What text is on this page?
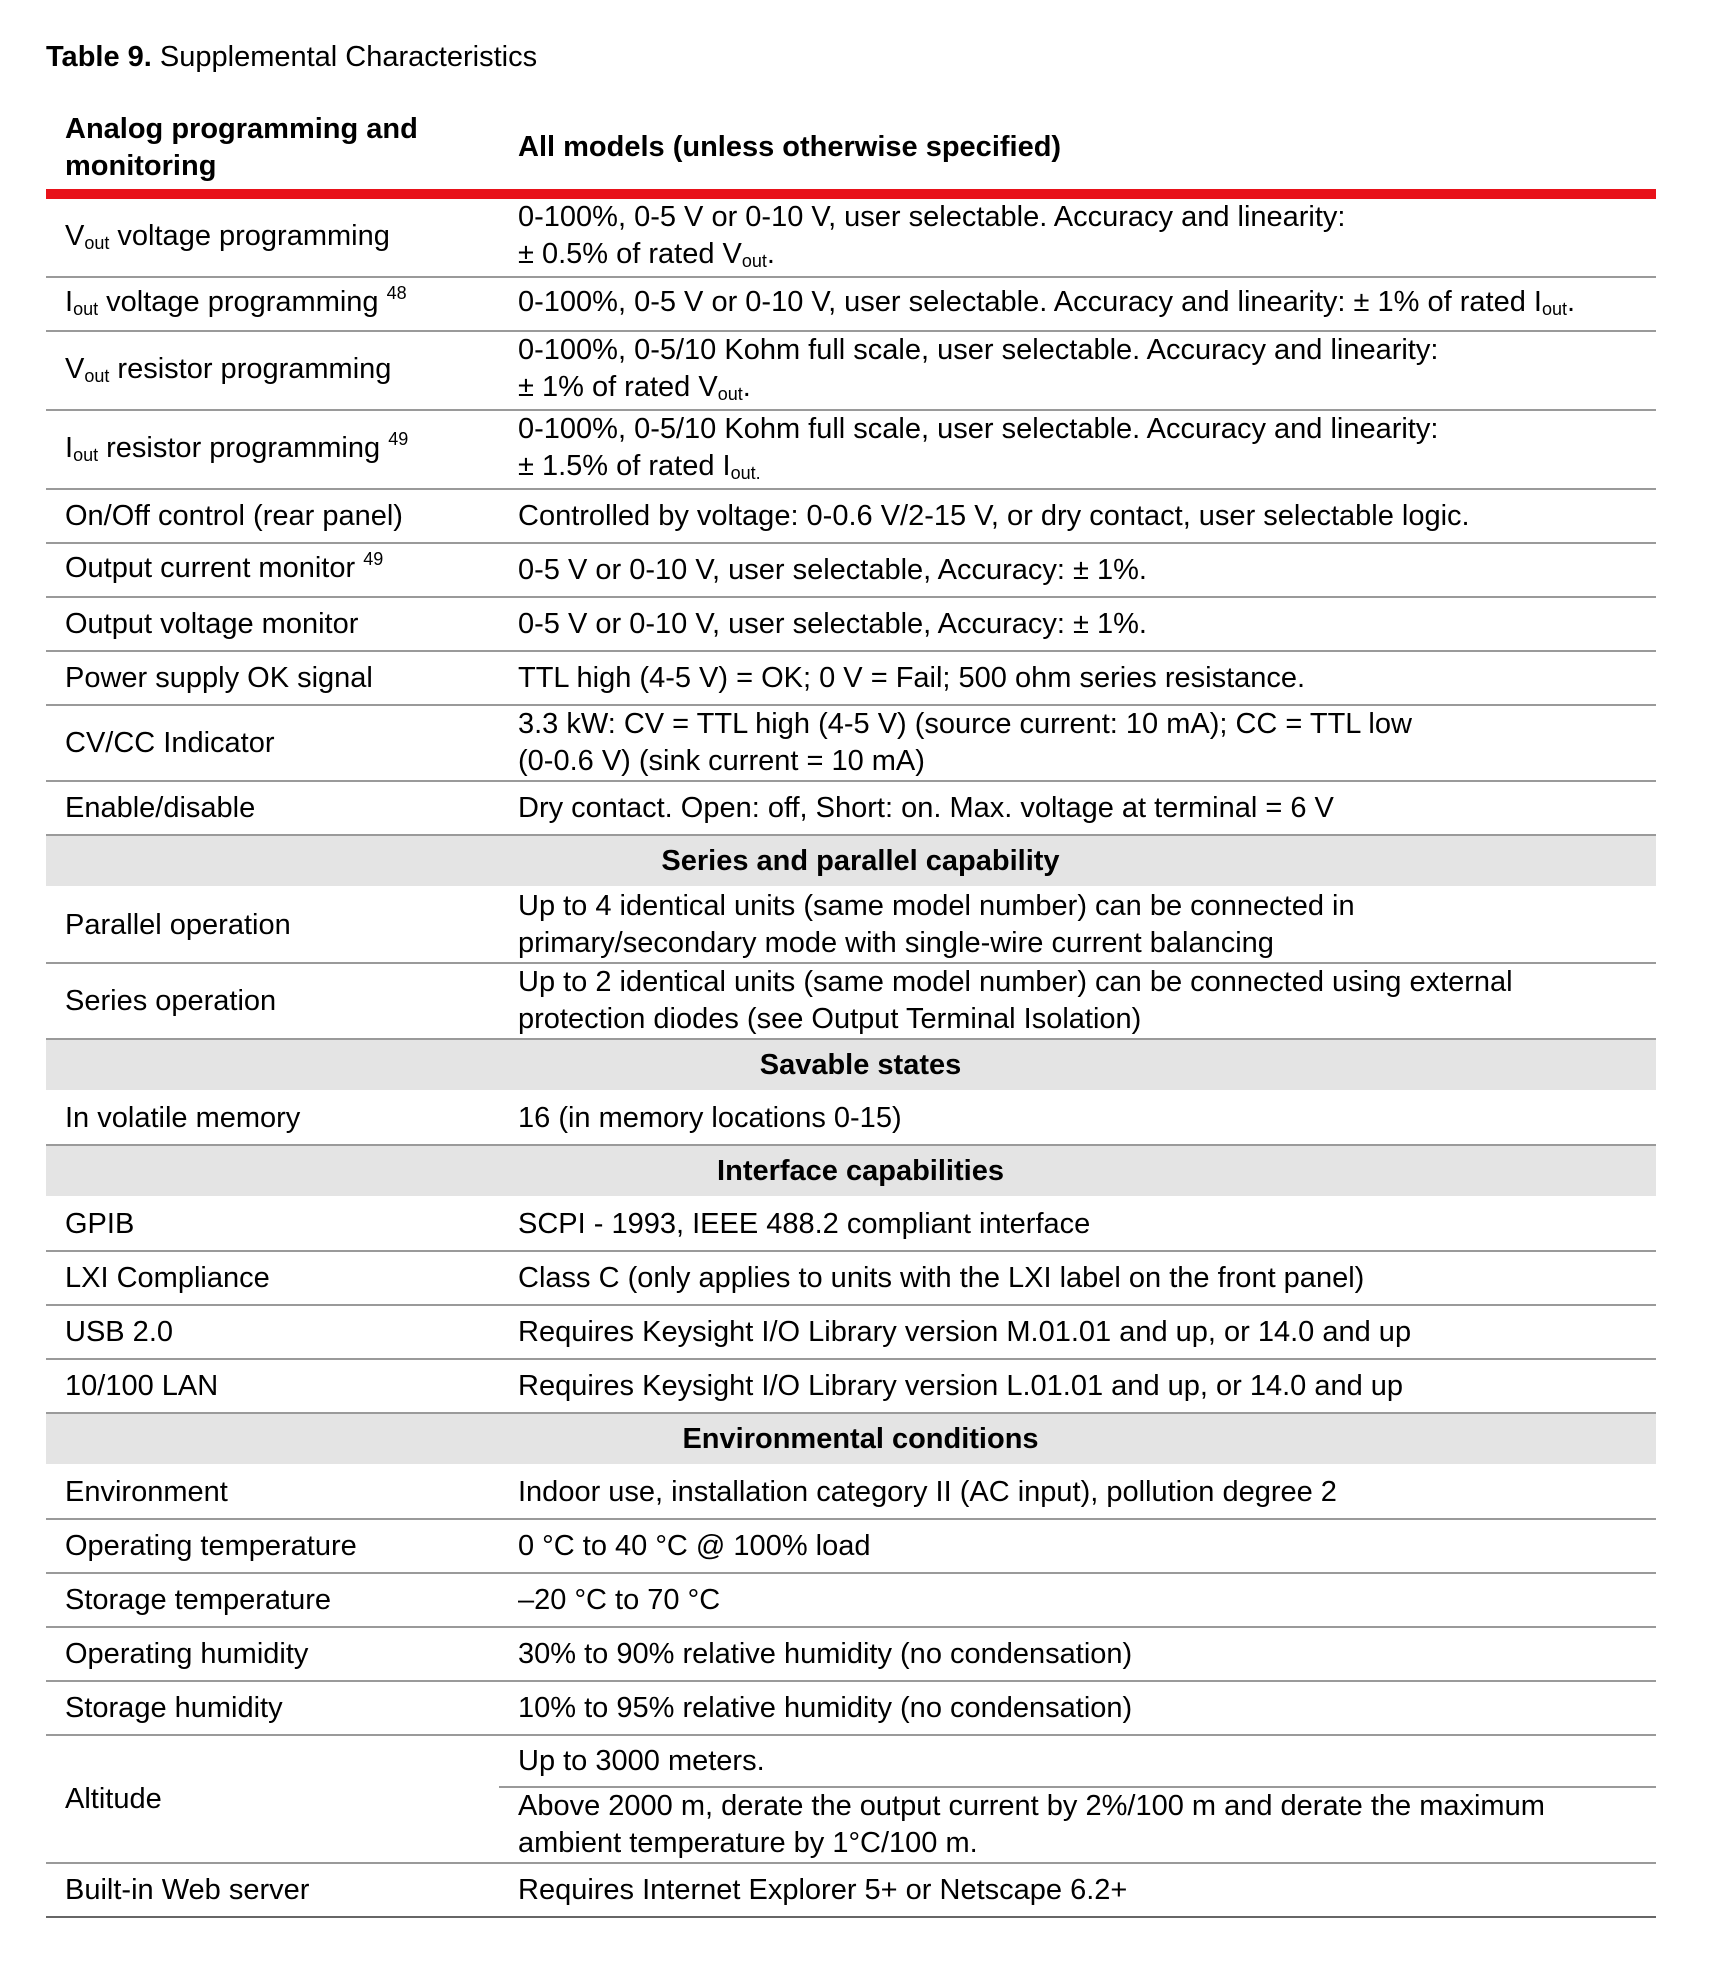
Table 9. Supplemental Characteristics
Analog programming and monitoring	All models (unless otherwise specified)
$V_{out}$ voltage programming	0-100%, 0-5 V or 0-10 V, user selectable. Accuracy and linearity:
± 0.5% of rated $V_{out}$.
$I_{out}$ voltage programming $^{48}$	0-100%, 0-5 V or 0-10 V, user selectable. Accuracy and linearity: ± 1% of rated $I_{out}$.
$V_{out}$ resistor programming	0-100%, 0-5/10 Kohm full scale, user selectable. Accuracy and linearity:
± 1% of rated $V_{out}$.
$I_{out}$ resistor programming $^{49}$	0-100%, 0-5/10 Kohm full scale, user selectable. Accuracy and linearity:
± 1.5% of rated $I_{out.}$
On/Off control (rear panel)	Controlled by voltage: 0-0.6 V/2-15 V, or dry contact, user selectable logic.
Output current monitor $^{49}$	0-5 V or 0-10 V, user selectable, Accuracy: ± 1%.
Output voltage monitor	0-5 V or 0-10 V, user selectable, Accuracy: ± 1%.
Power supply OK signal	TTL high (4-5 V) = OK; 0 V = Fail; 500 ohm series resistance.
CV/CC Indicator	3.3 kW: CV = TTL high (4-5 V) (source current: 10 mA); CC = TTL low
(0-0.6 V) (sink current = 10 mA)
Enable/disable	Dry contact. Open: off, Short: on. Max. voltage at terminal = 6 V
Series and parallel capability	
Parallel operation	Up to 4 identical units (same model number) can be connected in
primary/secondary mode with single-wire current balancing
Series operation	Up to 2 identical units (same model number) can be connected using external
protection diodes (see Output Terminal Isolation)
Savable states	
In volatile memory	16 (in memory locations 0-15)
Interface capabilities	
GPIB	SCPI - 1993, IEEE 488.2 compliant interface
LXI Compliance	Class C (only applies to units with the LXI label on the front panel)
USB 2.0	Requires Keysight I/O Library version M.01.01 and up, or 14.0 and up
10/100 LAN	Requires Keysight I/O Library version L.01.01 and up, or 14.0 and up
Environmental conditions	
Environment	Indoor use, installation category II (AC input), pollution degree 2
Operating temperature	0 °C to 40 °C @ 100% load
Storage temperature	–20 °C to 70 °C
Operating humidity	30% to 90% relative humidity (no condensation)
Storage humidity	10% to 95% relative humidity (no condensation)
Altitude	Up to 3000 meters.
	Above 2000 m, derate the output current by 2%/100 m and derate the maximum
ambient temperature by 1°C/100 m.
Built-in Web server	Requires Internet Explorer 5+ or Netscape 6.2+
